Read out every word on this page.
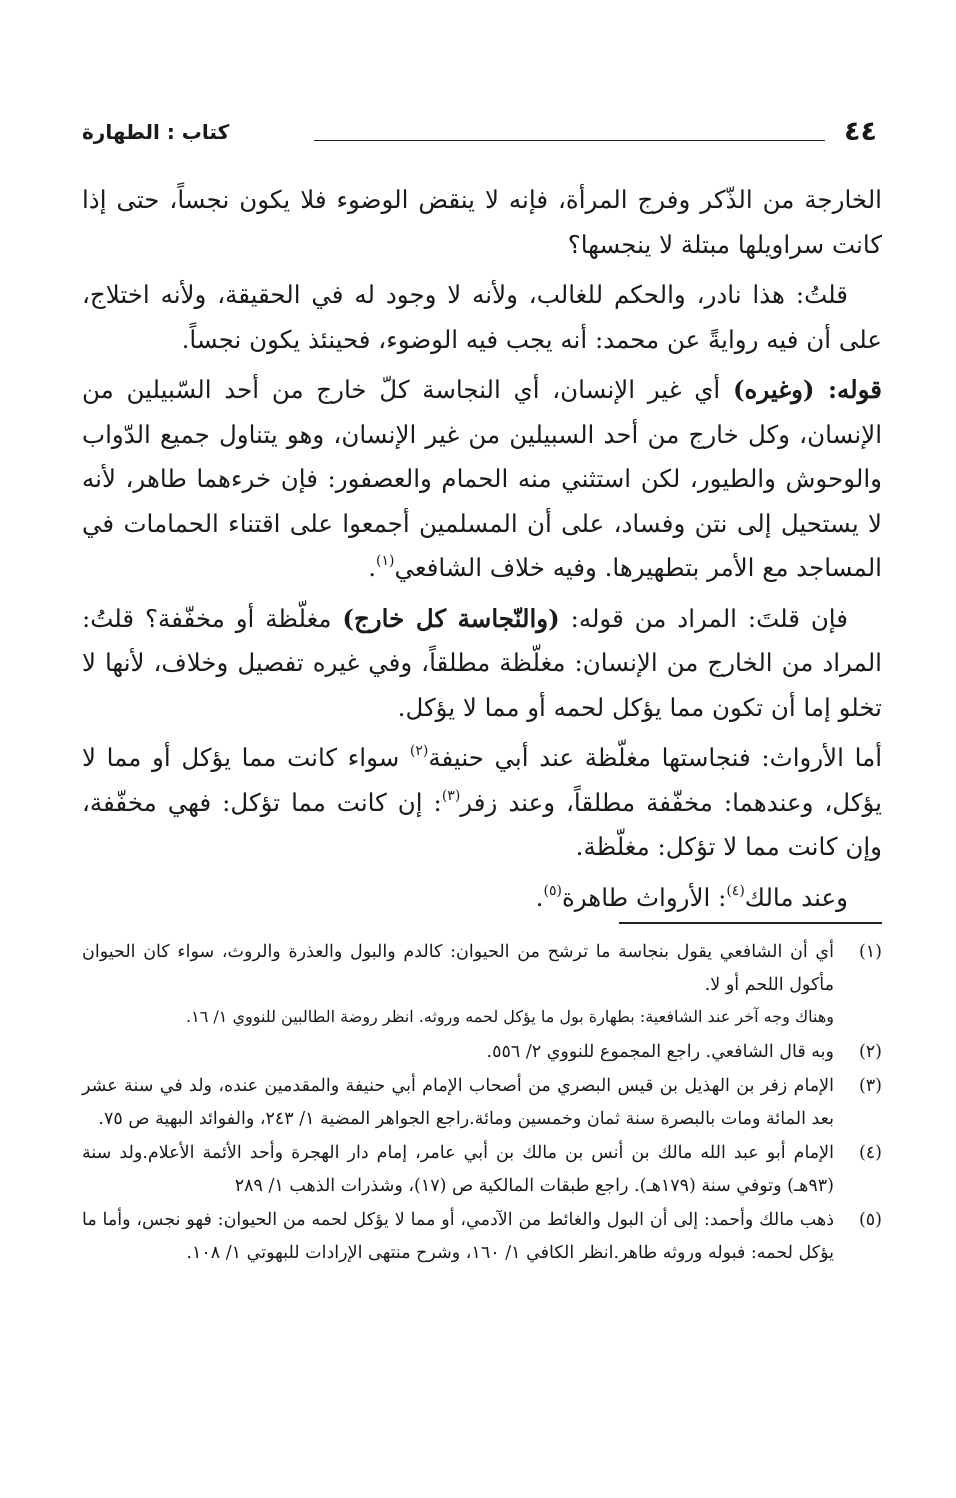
٤٤
كتاب : الطهارة

الخارجة من الذّكر وفرج المرأة، فإنه لا ينقض الوضوء فلا يكون نجساً، حتى إذا كانت سراويلها مبتلة لا ينجسها؟

قلتُ: هذا نادر، والحكم للغالب، ولأنه لا وجود له في الحقيقة، ولأنه اختلاج، على أن فيه روايةً عن محمد: أنه يجب فيه الوضوء، فحينئذ يكون نجساً.

قوله: (وغيره) أي غير الإنسان، أي النجاسة كلّ خارج من أحد السّبيلين من الإنسان، وكل خارج من أحد السبيلين من غير الإنسان، وهو يتناول جميع الدّواب والوحوش والطيور، لكن استثني منه الحمام والعصفور: فإن خرءهما طاهر، لأنه لا يستحيل إلى نتن وفساد، على أن المسلمين أجمعوا على اقتناء الحمامات في المساجد مع الأمر بتطهيرها. وفيه خلاف الشافعي$^{(١)}$.

فإن قلتَ: المراد من قوله: (والنّجاسة كل خارج) مغلّظة أو مخفّفة؟ قلتُ: المراد من الخارج من الإنسان: مغلّظة مطلقاً، وفي غيره تفصيل وخلاف، لأنها لا تخلو إما أن تكون مما يؤكل لحمه أو مما لا يؤكل.

أما الأرواث: فنجاستها مغلّظة عند أبي حنيفة$^{(٢)}$ سواء كانت مما يؤكل أو مما لا يؤكل، وعندهما: مخفّفة مطلقاً، وعند زفر$^{(٣)}$: إن كانت مما تؤكل: فهي مخفّفة، وإن كانت مما لا تؤكل: مغلّظة.

وعند مالك$^{(٤)}$: الأرواث طاهرة$^{(٥)}$.

(١)
أي أن الشافعي يقول بنجاسة ما ترشح من الحيوان: كالدم والبول والعذرة والروث، سواء كان الحيوان مأكول اللحم أو لا.
وهناك وجه آخر عند الشافعية: بطهارة بول ما يؤكل لحمه وروثه. انظر روضة الطالبين للنووي ١/ ١٦.
(٢)
وبه قال الشافعي. راجع المجموع للنووي ٢/ ٥٥٦.
(٣)
الإمام زفر بن الهذيل بن قيس البصري من أصحاب الإمام أبي حنيفة والمقدمين عنده، ولد في سنة عشر بعد المائة ومات بالبصرة سنة ثمان وخمسين ومائة.راجع الجواهر المضية ١/ ٢٤٣، والفوائد البهية ص ٧٥.
(٤)
الإمام أبو عبد الله مالك بن أنس بن مالك بن أبي عامر، إمام دار الهجرة وأحد الأئمة الأعلام.ولد سنة (٩٣هـ) وتوفي سنة (١٧٩هـ). راجع طبقات المالكية ص (١٧)، وشذرات الذهب ١/ ٢٨٩
(٥)
ذهب مالك وأحمد: إلى أن البول والغائط من الآدمي، أو مما لا يؤكل لحمه من الحيوان: فهو نجس، وأما ما يؤكل لحمه: فبوله وروثه طاهر.انظر الكافي ١/ ١٦٠، وشرح منتهى الإرادات للبهوتي ١/ ١٠٨.
